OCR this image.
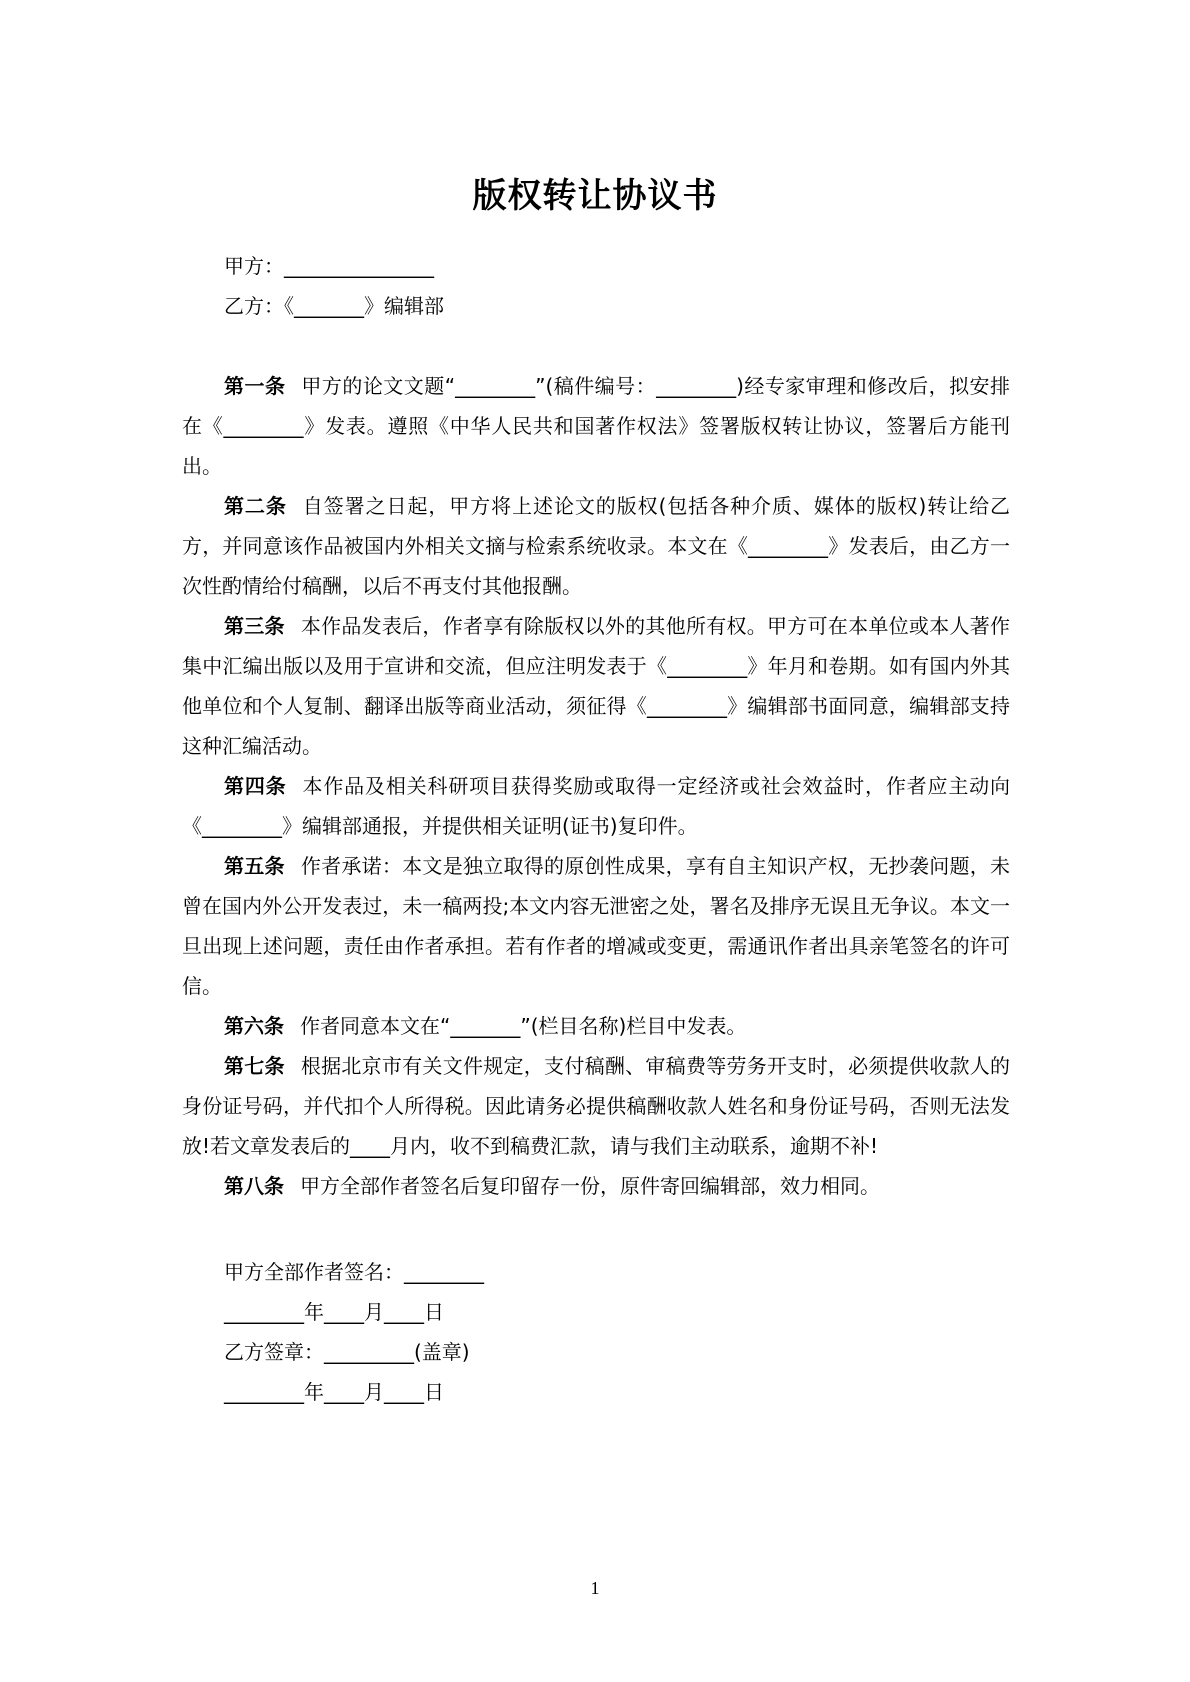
版权转让协议书
甲方：_______________
乙方：《_______》编辑部

第一条 甲方的论文文题“________”(稿件编号：________)经专家审理和修改后，拟安排在《________》发表。遵照《中华人民共和国著作权法》签署版权转让协议，签署后方能刊出。

第二条 自签署之日起，甲方将上述论文的版权(包括各种介质、媒体的版权)转让给乙方，并同意该作品被国内外相关文摘与检索系统收录。本文在《________》发表后，由乙方一次性酌情给付稿酬，以后不再支付其他报酬。

第三条 本作品发表后，作者享有除版权以外的其他所有权。甲方可在本单位或本人著作集中汇编出版以及用于宣讲和交流，但应注明发表于《________》年月和卷期。如有国内外其他单位和个人复制、翻译出版等商业活动，须征得《________》编辑部书面同意，编辑部支持这种汇编活动。

第四条 本作品及相关科研项目获得奖励或取得一定经济或社会效益时，作者应主动向《________》编辑部通报，并提供相关证明(证书)复印件。

第五条 作者承诺：本文是独立取得的原创性成果，享有自主知识产权，无抄袭问题，未曾在国内外公开发表过，未一稿两投;本文内容无泄密之处，署名及排序无误且无争议。本文一旦出现上述问题，责任由作者承担。若有作者的增减或变更，需通讯作者出具亲笔签名的许可信。

第六条 作者同意本文在“_______”(栏目名称)栏目中发表。

第七条 根据北京市有关文件规定，支付稿酬、审稿费等劳务开支时，必须提供收款人的身份证号码，并代扣个人所得税。因此请务必提供稿酬收款人姓名和身份证号码，否则无法发放!若文章发表后的____月内，收不到稿费汇款，请与我们主动联系，逾期不补!

第八条 甲方全部作者签名后复印留存一份，原件寄回编辑部，效力相同。

甲方全部作者签名：________
________年____月____日
乙方签章：_________(盖章)
________年____月____日
1
